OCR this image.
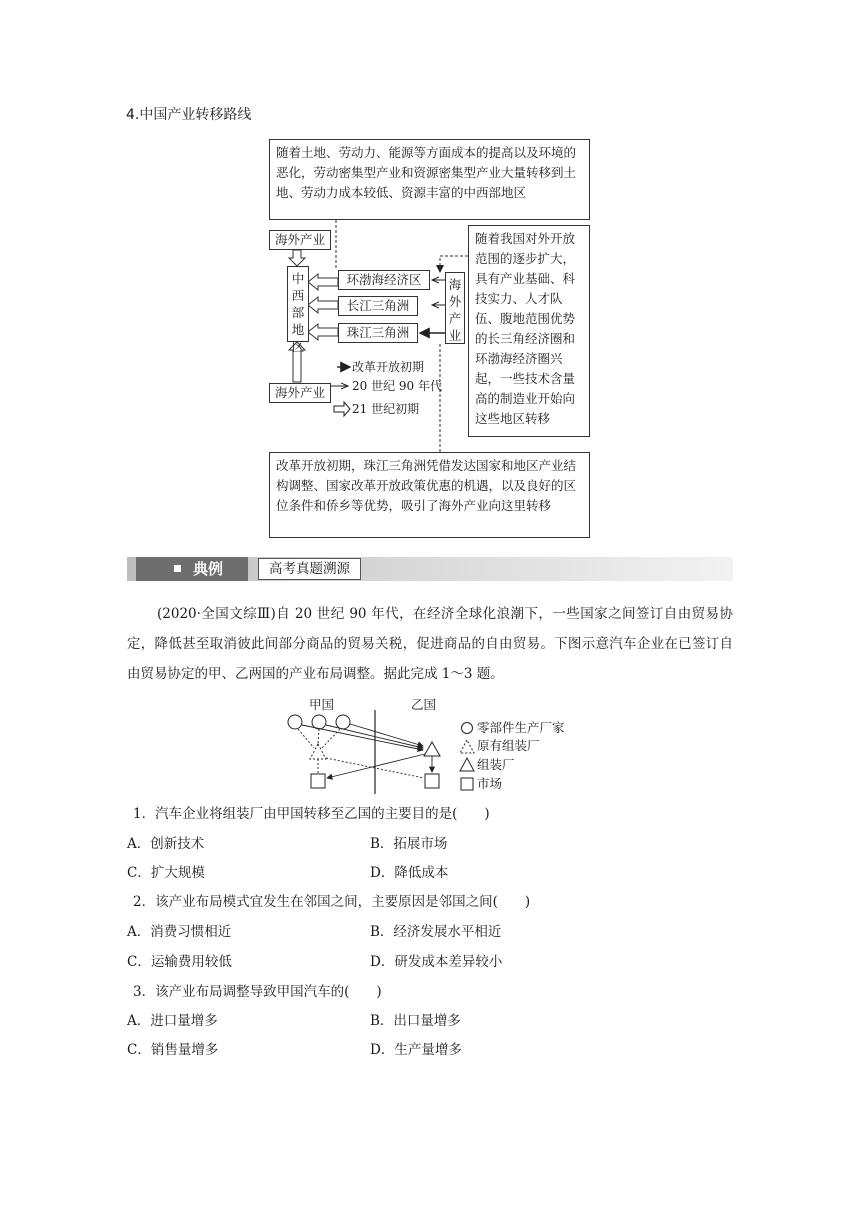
4.中国产业转移路线
随着土地、劳动力、能源等方面成本的提高以及环境的恶化，劳动密集型产业和资源密集型产业大量转移到土地、劳动力成本较低、资源丰富的中西部地区
海外产业
中西部地区
环渤海经济区
长江三角洲
珠江三角洲
海外产业
随着我国对外开放范围的逐步扩大，具有产业基础、科技实力、人才队伍、腹地范围优势的长三角经济圈和环渤海经济圈兴起，一些技术含量高的制造业开始向这些地区转移
海外产业
改革开放初期
20 世纪 90 年代
21 世纪初期
改革开放初期，珠江三角洲凭借发达国家和地区产业结构调整、国家改革开放政策优惠的机遇，以及良好的区位条件和侨乡等优势，吸引了海外产业向这里转移
典例	高考真题溯源
(2020·全国文综Ⅲ)自 20 世纪 90 年代，在经济全球化浪潮下，一些国家之间签订自由贸易协定，降低甚至取消彼此间部分商品的贸易关税，促进商品的自由贸易。下图示意汽车企业在已签订自由贸易协定的甲、乙两国的产业布局调整。据此完成 1～3 题。
甲国	乙国
零部件生产厂家
原有组装厂
组装厂
市场
1．汽车企业将组装厂由甲国转移至乙国的主要目的是(　　)
A．创新技术	B．拓展市场
C．扩大规模	D．降低成本
2．该产业布局模式宜发生在邻国之间，主要原因是邻国之间(　　)
A．消费习惯相近	B．经济发展水平相近
C．运输费用较低	D．研发成本差异较小
3．该产业布局调整导致甲国汽车的(　　)
A．进口量增多	B．出口量增多
C．销售量增多	D．生产量增多
